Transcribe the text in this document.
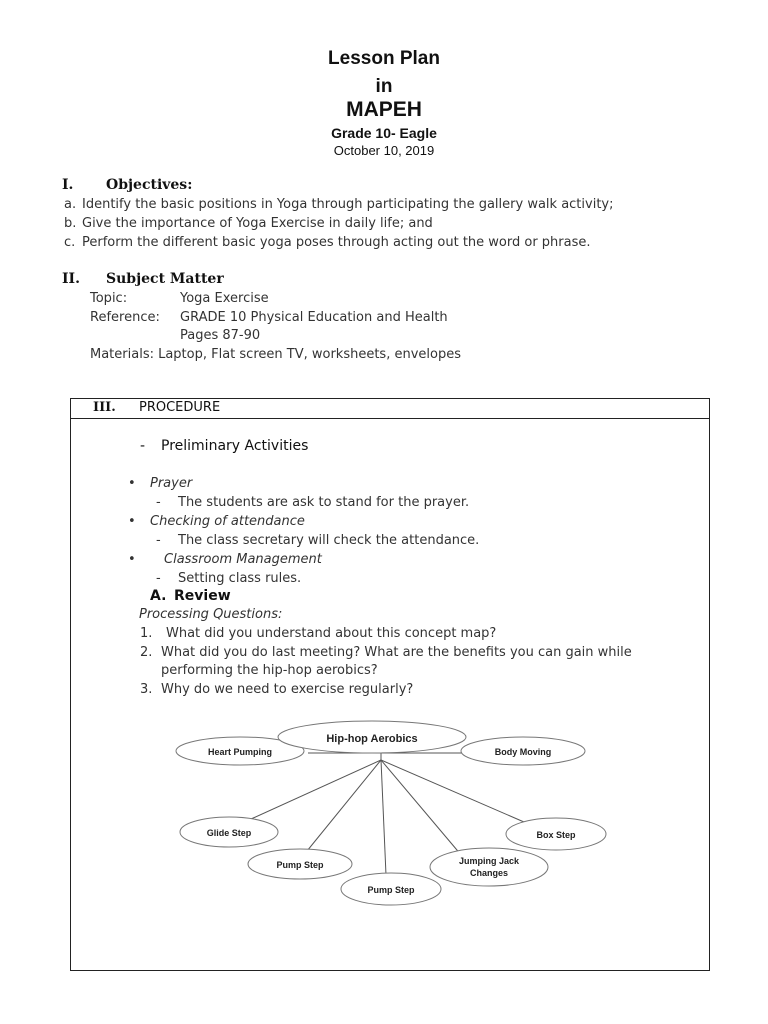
Lesson Plan
in
MAPEH
Grade 10- Eagle
October 10, 2019
I. Objectives:
a. Identify the basic positions in Yoga through participating the gallery walk activity;
b. Give the importance of Yoga Exercise in daily life; and
c. Perform the different basic yoga poses through acting out the word or phrase.
II. Subject Matter
Topic:	Yoga Exercise
Reference: GRADE 10 Physical Education and Health
Pages 87-90
Materials: Laptop, Flat screen TV, worksheets, envelopes
III. PROCEDURE
- Preliminary Activities
• Prayer
- The students are ask to stand for the prayer.
• Checking of attendance
- The class secretary will check the attendance.
• Classroom Management
- Setting class rules.
A. Review
Processing Questions:
1. What did you understand about this concept map?
2. What did you do last meeting? What are the benefits you can gain while
performing the hip-hop aerobics?
3. Why do we need to exercise regularly?
Hip-hop Aerobics
Heart Pumping	Body Moving
Glide Step	Box Step
Pump Step
Pump Step
Jumping Jack
Changes
